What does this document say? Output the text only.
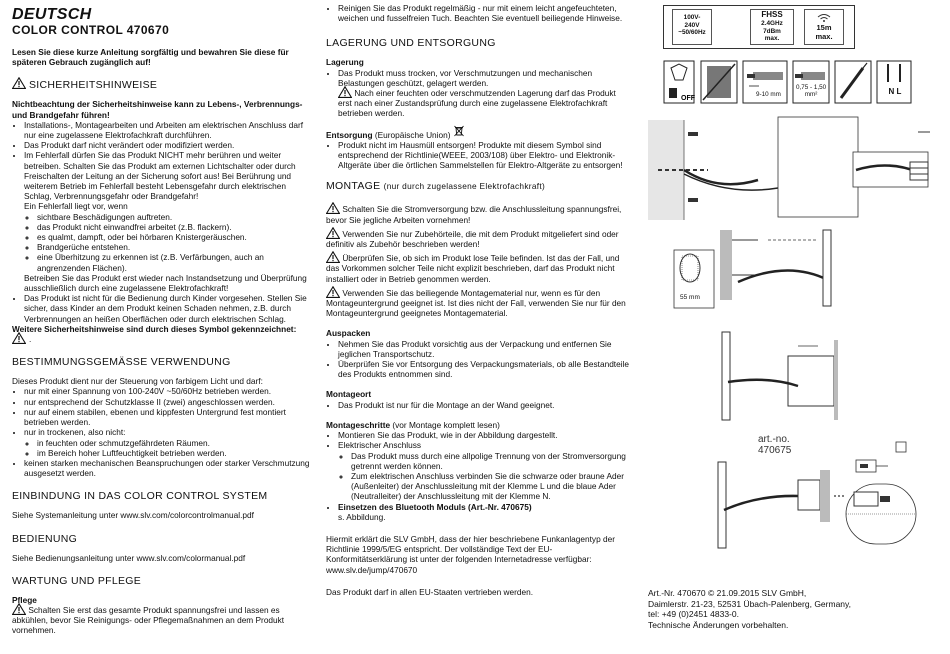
DEUTSCH
COLOR CONTROL 470670

Lesen Sie diese kurze Anleitung sorgfältig und bewahren Sie diese für späteren Gebrauch zugänglich auf!

SICHERHEITSHINWEISE

Nichtbeachtung der Sicherheitshinweise kann zu Lebens-, Verbrennungs- und Brandgefahr führen!

• Installations-, Montagearbeiten und Arbeiten am elektrischen Anschluss darf nur eine zugelassene Elektrofachkraft durchführen.
• Das Produkt darf nicht verändert oder modifiziert werden.
• Im Fehlerfall dürfen Sie das Produkt NICHT mehr berühren und weiter betreiben. Schalten Sie das Produkt am externen Lichtschalter oder durch Freischalten der Leitung an der Sicherung sofort aus! Bei Berührung und weiterem Betrieb im Fehlerfall besteht Lebensgefahr durch elektrischen Schlag, Verbrennungsgefahr oder Brandgefahr!
Ein Fehlerfall liegt vor, wenn
◦ sichtbare Beschädigungen auftreten.
◦ das Produkt nicht einwandfrei arbeitet (z.B. flackern).
◦ es qualmt, dampft, oder bei hörbaren Knistergeräuschen.
◦ Brandgerüche entstehen.
◦ eine Überhitzung zu erkennen ist (z.B. Verfärbungen, auch an angrenzenden Flächen).
Betreiben Sie das Produkt erst wieder nach Instandsetzung und Überprüfung ausschließlich durch eine zugelassene Elektrofachkraft!
• Das Produkt ist nicht für die Bedienung durch Kinder vorgesehen. Stellen Sie sicher, dass Kinder an dem Produkt keinen Schaden nehmen, z.B. durch Verbrennungen an heißen Oberflächen oder durch elektrischen Schlag.

Weitere Sicherheitshinweise sind durch dieses Symbol gekennzeichnet:

.
BESTIMMUNGSGEMÄSSE VERWENDUNG

Dieses Produkt dient nur der Steuerung von farbigem Licht und darf:

• nur mit einer Spannung von 100-240V ~50/60Hz betrieben werden.
• nur entsprechend der Schutzklasse II (zwei) angeschlossen werden.
• nur auf einem stabilen, ebenen und kippfesten Untergrund fest montiert betrieben werden.
• nur in trockenen, also nicht:
◦ in feuchten oder schmutzgefährdeten Räumen.
◦ im Bereich hoher Luftfeuchtigkeit betrieben werden.
• keinen starken mechanischen Beanspruchungen oder starker Verschmutzung ausgesetzt werden.
EINBINDUNG IN DAS COLOR CONTROL SYSTEM

Siehe Systemanleitung unter www.slv.com/colorcontrolmanual.pdf

BEDIENUNG

Siehe Bedienungsanleitung unter www.slv.com/colormanual.pdf

WARTUNG UND PFLEGE

Pflege

Schalten Sie erst das gesamte Produkt spannungsfrei und lassen es abkühlen, bevor Sie Reinigungs- oder Pflegemaßnahmen an dem Produkt vornehmen.

• Reinigen Sie das Produkt regelmäßig - nur mit einem leicht angefeuchteten, weichen und fusselfreien Tuch. Beachten Sie eventuell beiliegende Hinweise.
LAGERUNG UND ENTSORGUNG

Lagerung

• Das Produkt muss trocken, vor Verschmutzungen und mechanischen Belastungen geschützt, gelagert werden.

Nach einer feuchten oder verschmutzenden Lagerung darf das Produkt erst nach einer Zustandsprüfung durch eine zugelassene Elektrofachkraft betrieben werden.

Entsorgung (Europäische Union)

• Produkt nicht im Hausmüll entsorgen! Produkte mit diesem Symbol sind entsprechend der Richtlinie(WEEE, 2003/108) über Elektro- und Elektronik-Altgeräte über die örtlichen Sammelstellen für Elektro-Altgeräte zu entsorgen!
MONTAGE (nur durch zugelassene Elektrofachkraft)

Schalten Sie die Stromversorgung bzw. die Anschlussleitung spannungsfrei, bevor Sie jegliche Arbeiten vornehmen!

Verwenden Sie nur Zubehörteile, die mit dem Produkt mitgeliefert sind oder definitiv als Zubehör beschrieben werden!

Überprüfen Sie, ob sich im Produkt lose Teile befinden. Ist das der Fall, und das Vorkommen solcher Teile nicht explizit beschrieben, darf das Produkt nicht installiert oder in Betrieb genommen werden.

Verwenden Sie das beiliegende Montagematerial nur, wenn es für den Montageuntergrund geeignet ist. Ist dies nicht der Fall, verwenden Sie nur für den Montageuntergrund geeignetes Montagematerial.

Auspacken

• Nehmen Sie das Produkt vorsichtig aus der Verpackung und entfernen Sie jeglichen Transportschutz.
• Überprüfen Sie vor Entsorgung des Verpackungsmaterials, ob alle Bestandteile des Produkts entnommen sind.

Montageort

• Das Produkt ist nur für die Montage an der Wand geeignet.

Montageschritte (vor Montage komplett lesen)

• Montieren Sie das Produkt, wie in der Abbildung dargestellt.
• Elektrischer Anschluss
◦ Das Produkt muss durch eine allpolige Trennung von der Stromversorgung getrennt werden können.
◦ Zum elektrischen Anschluss verbinden Sie die schwarze oder braune Ader (Außenleiter) der Anschlussleitung mit der Klemme L und die blaue Ader (Neutralleiter) der Anschlussleitung mit der Klemme N.
• Einsetzen des Bluetooth Moduls (Art.-Nr. 470675)

s. Abbildung.

Hiermit erklärt die SLV GmbH, dass der hier beschriebene Funkanlagentyp der Richtlinie 1999/5/EG entspricht. Der vollständige Text der EU-Konformitätserklärung ist unter der folgenden Internetadresse verfügbar: www.slv.de/jump/470670

Das Produkt darf in allen EU-Staaten vertrieben werden.

100V-
240V
~50/60Hz
FHSS
2.4GHz
7dBm
max.
15m
max.
OFF
9-10 mm
0,75 - 1,50
mm²	N L
55 mm
art.-no.
470675
Art.-Nr. 470670 © 21.09.2015 SLV GmbH,
Daimlerstr. 21-23, 52531 Übach-Palenberg, Germany,
tel: +49 (0)2451 4833-0.
Technische Änderungen vorbehalten.
